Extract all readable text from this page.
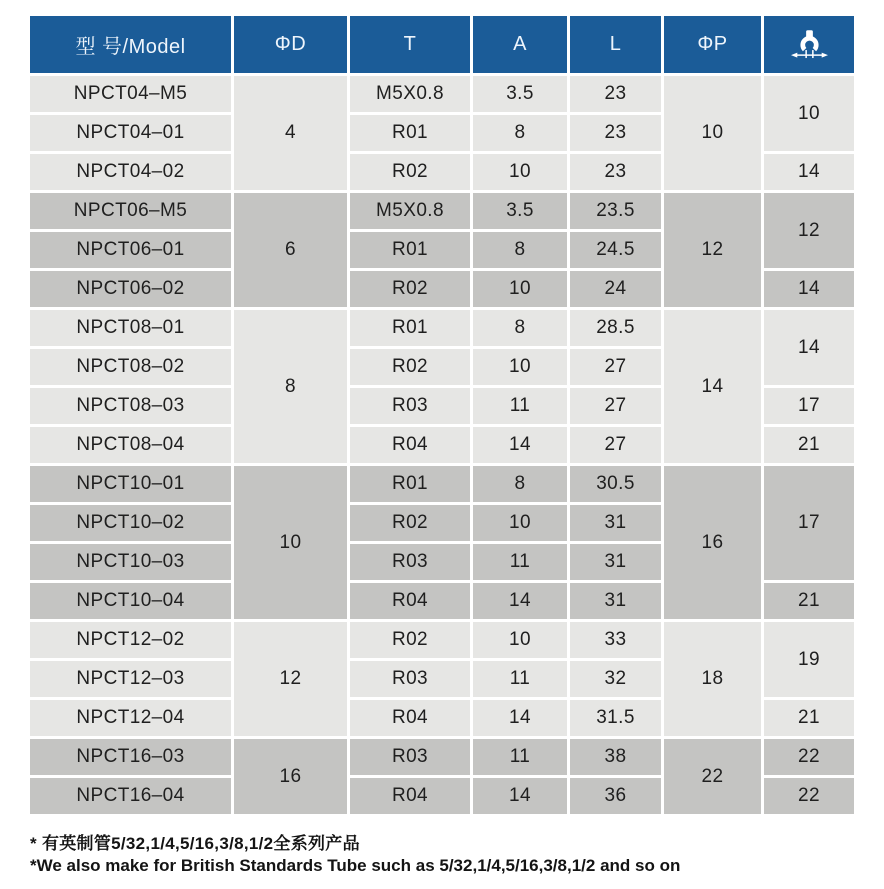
型 号/Model	ΦD	T	A	L	ΦP	

NPCT04–M5	4	M5X0.8	3.5	23	10	10
NPCT04–01		R01	8	23		
NPCT04–02		R02	10	23		14
NPCT06–M5	6	M5X0.8	3.5	23.5	12	12
NPCT06–01		R01	8	24.5		
NPCT06–02		R02	10	24		14
NPCT08–01	8	R01	8	28.5	14	14
NPCT08–02		R02	10	27		
NPCT08–03		R03	11	27		17
NPCT08–04		R04	14	27		21
NPCT10–01	10	R01	8	30.5	16	17
NPCT10–02		R02	10	31		
NPCT10–03		R03	11	31		
NPCT10–04		R04	14	31		21
NPCT12–02	12	R02	10	33	18	19
NPCT12–03		R03	11	32		
NPCT12–04		R04	14	31.5		21
NPCT16–03	16	R03	11	38	22	22
NPCT16–04		R04	14	36		22
* 有英制管5/32,1/4,5/16,3/8,1/2全系列产品
*We also make for British Standards Tube such as 5/32,1/4,5/16,3/8,1/2 and so on
